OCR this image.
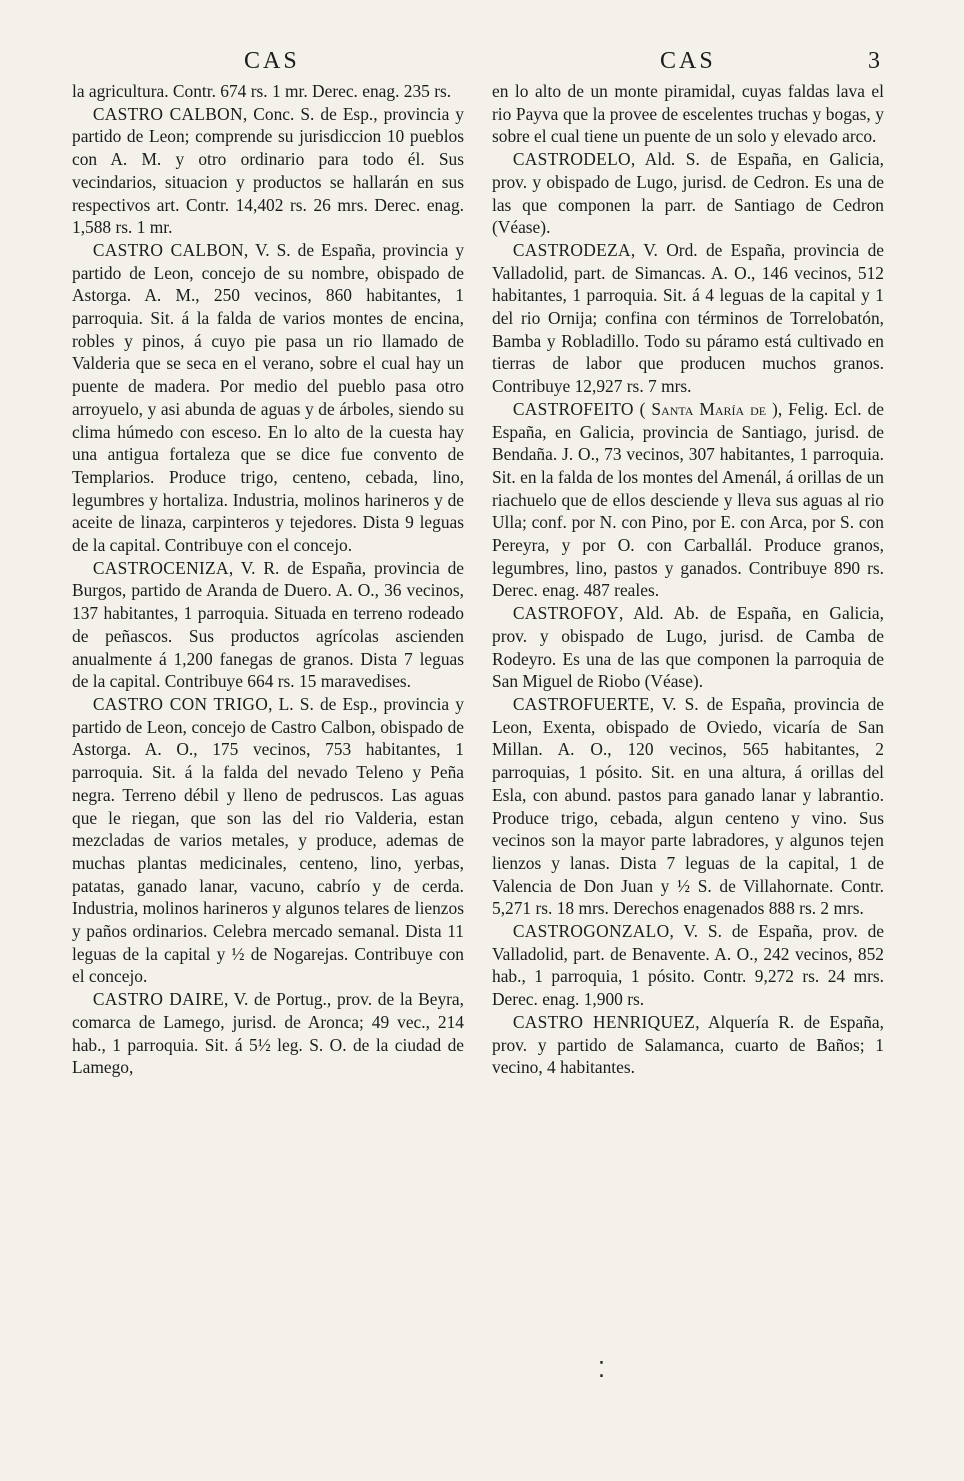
CAS	CAS	3

la agricultura. Contr. 674 rs. 1 mr. Derec. enag. 235 rs.

CASTRO CALBON, Conc. S. de Esp., provincia y partido de Leon; comprende su jurisdiccion 10 pueblos con A. M. y otro ordinario para todo él. Sus vecindarios, situacion y productos se hallarán en sus respectivos art. Contr. 14,402 rs. 26 mrs. Derec. enag. 1,588 rs. 1 mr.

CASTRO CALBON, V. S. de España, provincia y partido de Leon, concejo de su nombre, obispado de Astorga. A. M., 250 vecinos, 860 habitantes, 1 parroquia. Sit. á la falda de varios montes de encina, robles y pinos, á cuyo pie pasa un rio llamado de Valderia que se seca en el verano, sobre el cual hay un puente de madera. Por medio del pueblo pasa otro arroyuelo, y asi abunda de aguas y de árboles, siendo su clima húmedo con esceso. En lo alto de la cuesta hay una antigua fortaleza que se dice fue convento de Templarios. Produce trigo, centeno, cebada, lino, legumbres y hortaliza. Industria, molinos harineros y de aceite de linaza, carpinteros y tejedores. Dista 9 leguas de la capital. Contribuye con el concejo.

CASTROCENIZA, V. R. de España, provincia de Burgos, partido de Aranda de Duero. A. O., 36 vecinos, 137 habitantes, 1 parroquia. Situada en terreno rodeado de peñascos. Sus productos agrícolas ascienden anualmente á 1,200 fanegas de granos. Dista 7 leguas de la capital. Contribuye 664 rs. 15 maravedises.

CASTRO CON TRIGO, L. S. de Esp., provincia y partido de Leon, concejo de Castro Calbon, obispado de Astorga. A. O., 175 vecinos, 753 habitantes, 1 parroquia. Sit. á la falda del nevado Teleno y Peña negra. Terreno débil y lleno de pedruscos. Las aguas que le riegan, que son las del rio Valderia, estan mezcladas de varios metales, y produce, ademas de muchas plantas medicinales, centeno, lino, yerbas, patatas, ganado lanar, vacuno, cabrío y de cerda. Industria, molinos harineros y algunos telares de lienzos y paños ordinarios. Celebra mercado semanal. Dista 11 leguas de la capital y ½ de Nogarejas. Contribuye con el concejo.

CASTRO DAIRE, V. de Portug., prov. de la Beyra, comarca de Lamego, jurisd. de Aronca; 49 vec., 214 hab., 1 parroquia. Sit. á 5½ leg. S. O. de la ciudad de Lamego,

en lo alto de un monte piramidal, cuyas faldas lava el rio Payva que la provee de escelentes truchas y bogas, y sobre el cual tiene un puente de un solo y elevado arco.

CASTRODELO, Ald. S. de España, en Galicia, prov. y obispado de Lugo, jurisd. de Cedron. Es una de las que componen la parr. de Santiago de Cedron (Véase).

CASTRODEZA, V. Ord. de España, provincia de Valladolid, part. de Simancas. A. O., 146 vecinos, 512 habitantes, 1 parroquia. Sit. á 4 leguas de la capital y 1 del rio Ornija; confina con términos de Torrelobatón, Bamba y Robladillo. Todo su páramo está cultivado en tierras de labor que producen muchos granos. Contribuye 12,927 rs. 7 mrs.

CASTROFEITO ( Santa María de ), Felig. Ecl. de España, en Galicia, provincia de Santiago, jurisd. de Bendaña. J. O., 73 vecinos, 307 habitantes, 1 parroquia. Sit. en la falda de los montes del Amenál, á orillas de un riachuelo que de ellos desciende y lleva sus aguas al rio Ulla; conf. por N. con Pino, por E. con Arca, por S. con Pereyra, y por O. con Carballál. Produce granos, legumbres, lino, pastos y ganados. Contribuye 890 rs. Derec. enag. 487 reales.

CASTROFOY, Ald. Ab. de España, en Galicia, prov. y obispado de Lugo, jurisd. de Camba de Rodeyro. Es una de las que componen la parroquia de San Miguel de Riobo (Véase).

CASTROFUERTE, V. S. de España, provincia de Leon, Exenta, obispado de Oviedo, vicaría de San Millan. A. O., 120 vecinos, 565 habitantes, 2 parroquias, 1 pósito. Sit. en una altura, á orillas del Esla, con abund. pastos para ganado lanar y labrantio. Produce trigo, cebada, algun centeno y vino. Sus vecinos son la mayor parte labradores, y algunos tejen lienzos y lanas. Dista 7 leguas de la capital, 1 de Valencia de Don Juan y ½ S. de Villahornate. Contr. 5,271 rs. 18 mrs. Derechos enagenados 888 rs. 2 mrs.

CASTROGONZALO, V. S. de España, prov. de Valladolid, part. de Benavente. A. O., 242 vecinos, 852 hab., 1 parroquia, 1 pósito. Contr. 9,272 rs. 24 mrs. Derec. enag. 1,900 rs.

CASTRO HENRIQUEZ, Alquería R. de España, prov. y partido de Salamanca, cuarto de Baños; 1 vecino, 4 habitantes.

⁚
